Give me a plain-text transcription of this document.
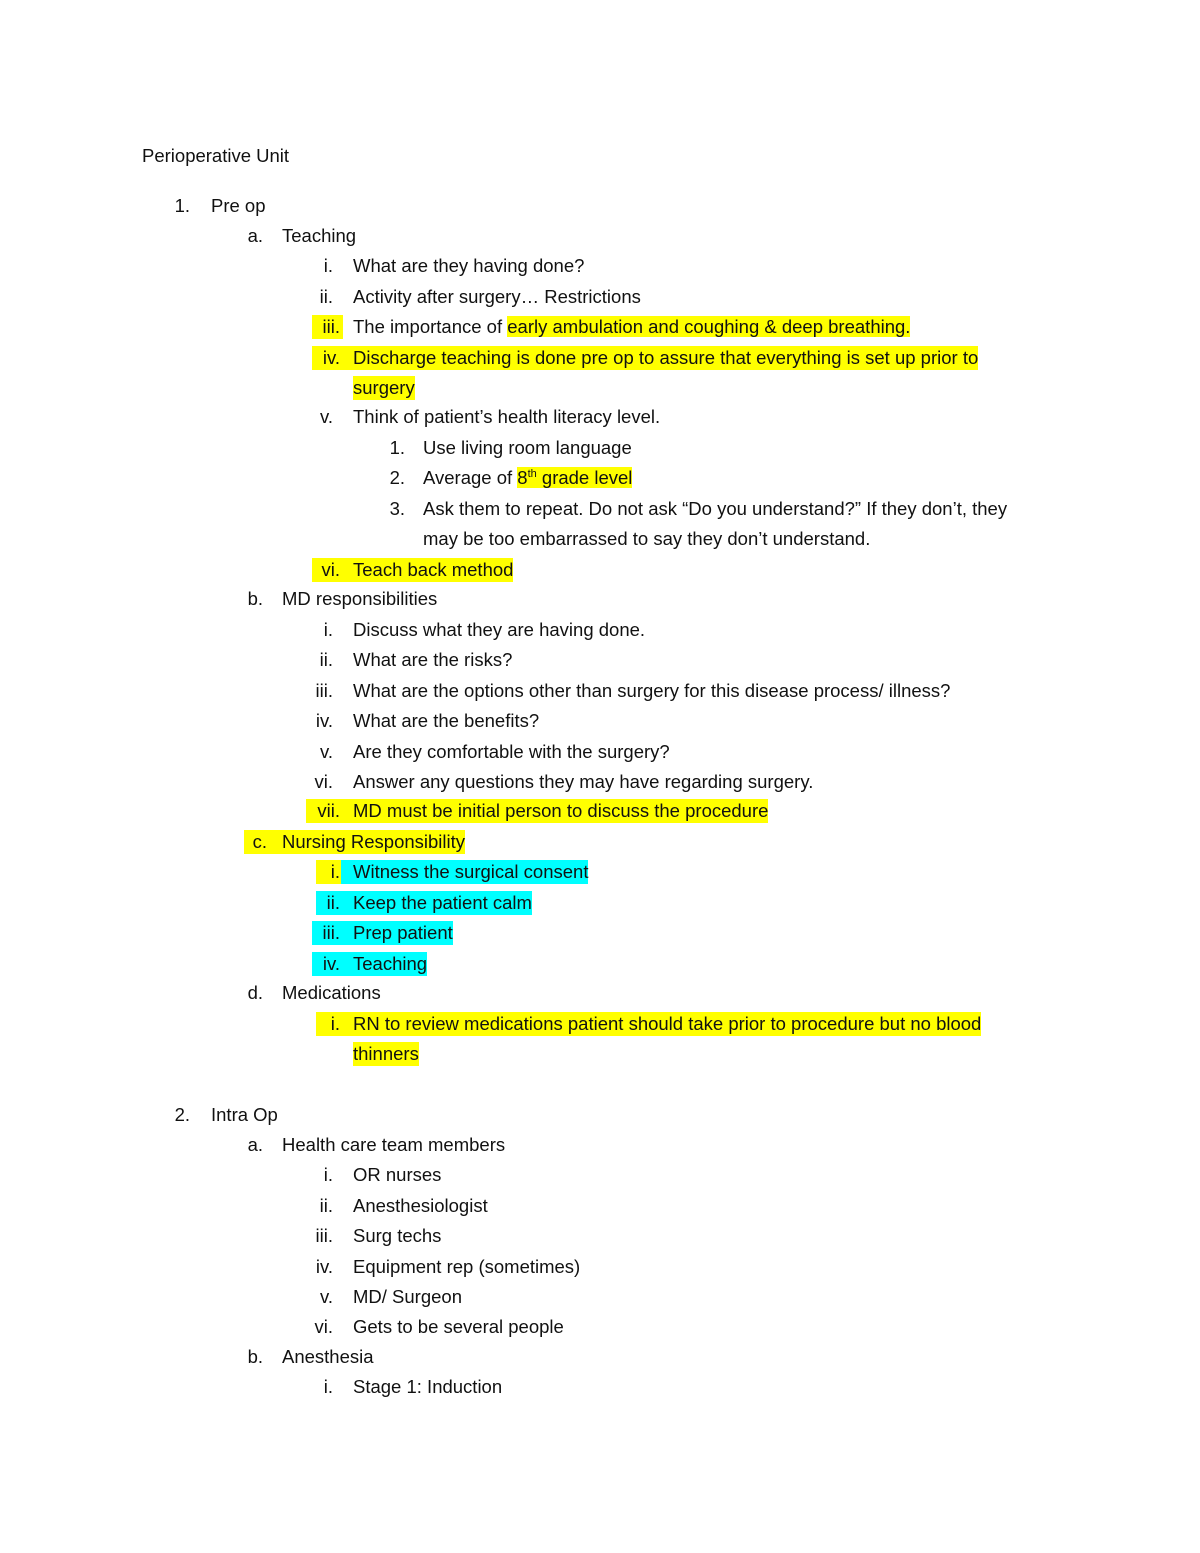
Perioperative Unit
1. Pre op
a. Teaching
i. What are they having done?
ii. Activity after surgery… Restrictions
iii. The importance of early ambulation and coughing & deep breathing.
iv. Discharge teaching is done pre op to assure that everything is set up prior to
surgery
v. Think of patient’s health literacy level.
1. Use living room language
2. Average of 8th grade level
3. Ask them to repeat. Do not ask “Do you understand?” If they don’t, they
may be too embarrassed to say they don’t understand.
vi. Teach back method
b. MD responsibilities
i. Discuss what they are having done.
ii. What are the risks?
iii. What are the options other than surgery for this disease process/ illness?
iv. What are the benefits?
v. Are they comfortable with the surgery?
vi. Answer any questions they may have regarding surgery.
vii. MD must be initial person to discuss the procedure
c. Nursing Responsibility
i. Witness the surgical consent
ii. Keep the patient calm
iii. Prep patient
iv. Teaching
d. Medications
i. RN to review medications patient should take prior to procedure but no blood
thinners
2. Intra Op
a. Health care team members
i. OR nurses
ii. Anesthesiologist
iii. Surg techs
iv. Equipment rep (sometimes)
v. MD/ Surgeon
vi. Gets to be several people
b. Anesthesia
i. Stage 1: Induction
